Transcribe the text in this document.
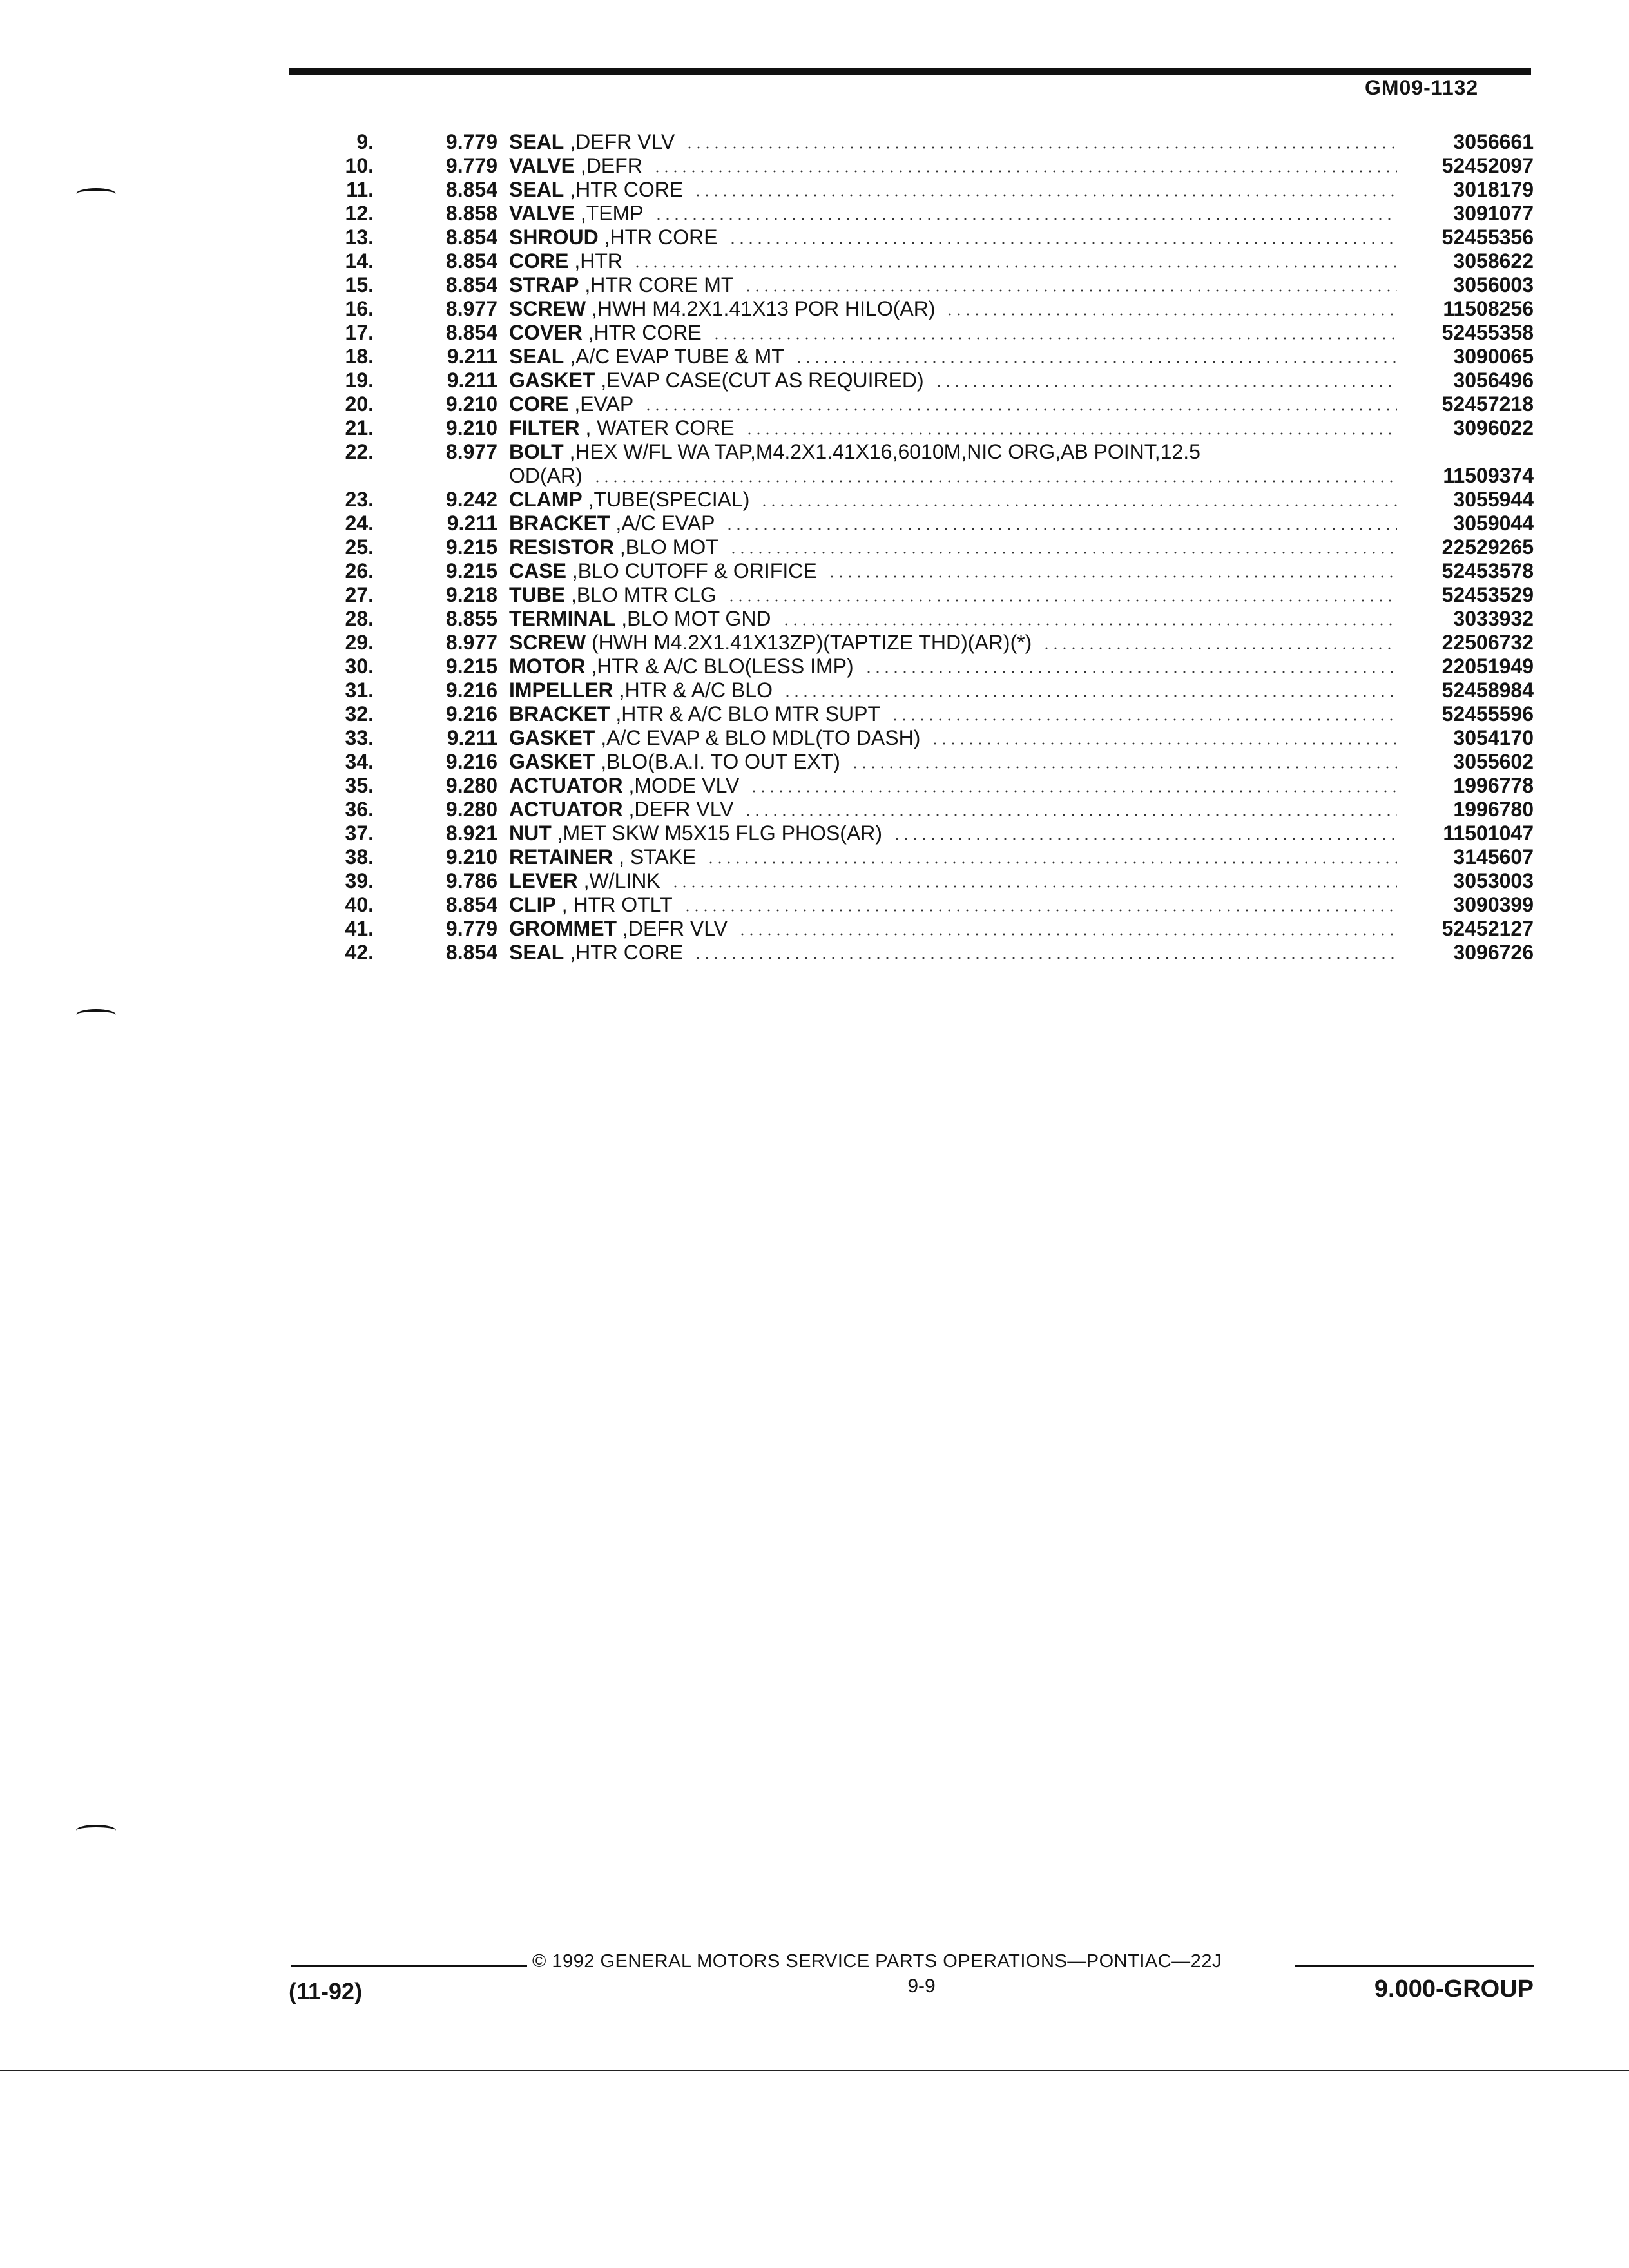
GM09-1132
9.	9.779 SEAL ,DEFR VLV	3056661
10.	9.779 VALVE ,DEFR	52452097
11.	8.854 SEAL ,HTR CORE	3018179
12.	8.858 VALVE ,TEMP	3091077
13.	8.854 SHROUD ,HTR CORE	52455356
14.	8.854 CORE ,HTR	3058622
15.	8.854 STRAP ,HTR CORE MT	3056003
16.	8.977 SCREW ,HWH M4.2X1.41X13 POR HILO(AR)	11508256
17.	8.854 COVER ,HTR CORE	52455358
18.	9.211 SEAL ,A/C EVAP TUBE & MT	3090065
19.	9.211 GASKET ,EVAP CASE(CUT AS REQUIRED)	3056496
20.	9.210 CORE ,EVAP	52457218
21.	9.210 FILTER , WATER CORE	3096022
22.	8.977 BOLT ,HEX W/FL WA TAP,M4.2X1.41X16,6010M,NIC ORG,AB POINT,12.5
OD(AR)	11509374
23.	9.242 CLAMP ,TUBE(SPECIAL)	3055944
24.	9.211 BRACKET ,A/C EVAP	3059044
25.	9.215 RESISTOR ,BLO MOT	22529265
26.	9.215 CASE ,BLO CUTOFF & ORIFICE	52453578
27.	9.218 TUBE ,BLO MTR CLG	52453529
28.	8.855 TERMINAL ,BLO MOT GND	3033932
29.	8.977 SCREW (HWH M4.2X1.41X13ZP)(TAPTIZE THD)(AR)(*)	22506732
30.	9.215 MOTOR ,HTR & A/C BLO(LESS IMP)	22051949
31.	9.216 IMPELLER ,HTR & A/C BLO	52458984
32.	9.216 BRACKET ,HTR & A/C BLO MTR SUPT	52455596
33.	9.211 GASKET ,A/C EVAP & BLO MDL(TO DASH)	3054170
34.	9.216 GASKET ,BLO(B.A.I. TO OUT EXT)	3055602
35.	9.280 ACTUATOR ,MODE VLV	1996778
36.	9.280 ACTUATOR ,DEFR VLV	1996780
37.	8.921 NUT ,MET SKW M5X15 FLG PHOS(AR)	11501047
38.	9.210 RETAINER , STAKE	3145607
39.	9.786 LEVER ,W/LINK	3053003
40.	8.854 CLIP , HTR OTLT	3090399
41.	9.779 GROMMET ,DEFR VLV	52452127
42.	8.854 SEAL ,HTR CORE	3096726
© 1992 GENERAL MOTORS SERVICE PARTS OPERATIONS—PONTIAC—22J
(11-92)	9-9	9.000-GROUP
